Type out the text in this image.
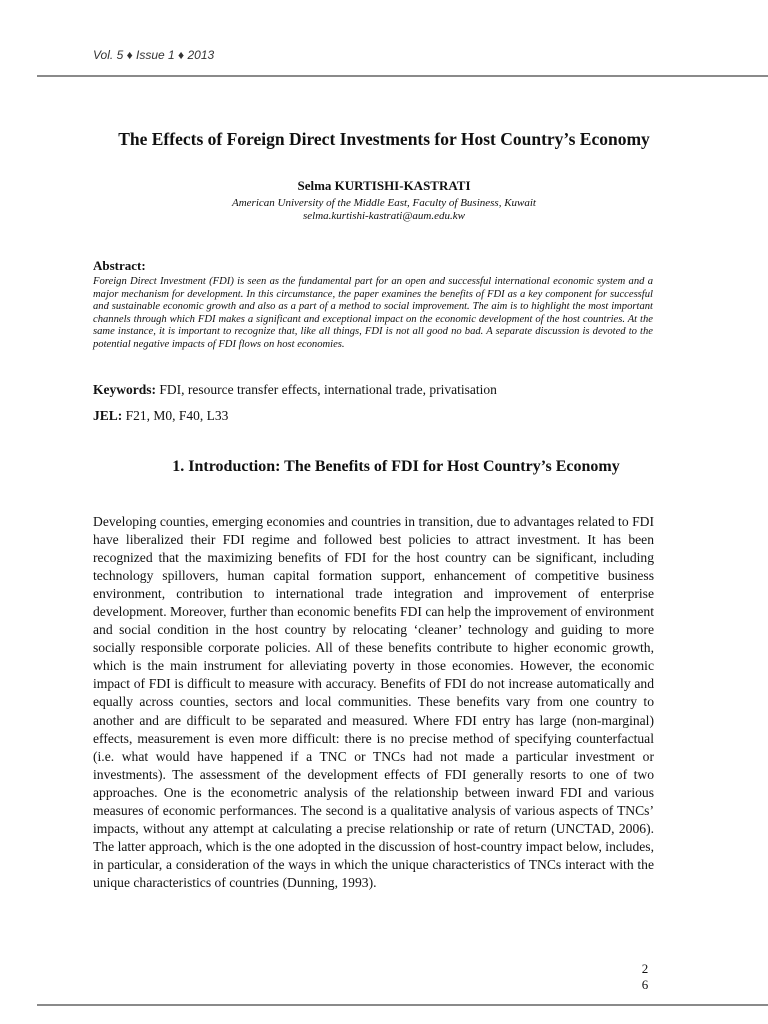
Vol. 5 ♦ Issue 1 ♦ 2013
The Effects of Foreign Direct Investments for Host Country’s Economy
Selma KURTISHI-KASTRATI
American University of the Middle East, Faculty of Business, Kuwait
selma.kurtishi-kastrati@aum.edu.kw
Abstract:

Foreign Direct Investment (FDI) is seen as the fundamental part for an open and successful international economic system and a major mechanism for development. In this circumstance, the paper examines the benefits of FDI as a key component for successful and sustainable economic growth and also as a part of a method to social improvement. The aim is to highlight the most important channels through which FDI makes a significant and exceptional impact on the economic development of the host countries. At the same instance, it is important to recognize that, like all things, FDI is not all good no bad. A separate discussion is devoted to the potential negative impacts of FDI flows on host economies.

Keywords: FDI, resource transfer effects, international trade, privatisation
JEL: F21, M0, F40, L33
1. Introduction: The Benefits of FDI for Host Country’s Economy

Developing counties, emerging economies and countries in transition, due to advantages related to FDI have liberalized their FDI regime and followed best policies to attract investment. It has been recognized that the maximizing benefits of FDI for the host country can be significant, including technology spillovers, human capital formation support, enhancement of competitive business environment, contribution to international trade integration and improvement of enterprise development. Moreover, further than economic benefits FDI can help the improvement of environment and social condition in the host country by relocating ‘cleaner’ technology and guiding to more socially responsible corporate policies. All of these benefits contribute to higher economic growth, which is the main instrument for alleviating poverty in those economies. However, the economic impact of FDI is difficult to measure with accuracy. Benefits of FDI do not increase automatically and equally across counties, sectors and local communities. These benefits vary from one country to another and are difficult to be separated and measured. Where FDI entry has large (non-marginal) effects, measurement is even more difficult: there is no precise method of specifying counterfactual (i.e. what would have happened if a TNC or TNCs had not made a particular investment or investments). The assessment of the development effects of FDI generally resorts to one of two approaches. One is the econometric analysis of the relationship between inward FDI and various measures of economic performances. The second is a qualitative analysis of various aspects of TNCs’ impacts, without any attempt at calculating a precise relationship or rate of return (UNCTAD, 2006). The latter approach, which is the one adopted in the discussion of host-country impact below, includes, in particular, a consideration of the ways in which the unique characteristics of TNCs interact with the unique characteristics of countries (Dunning, 1993).

2
6
